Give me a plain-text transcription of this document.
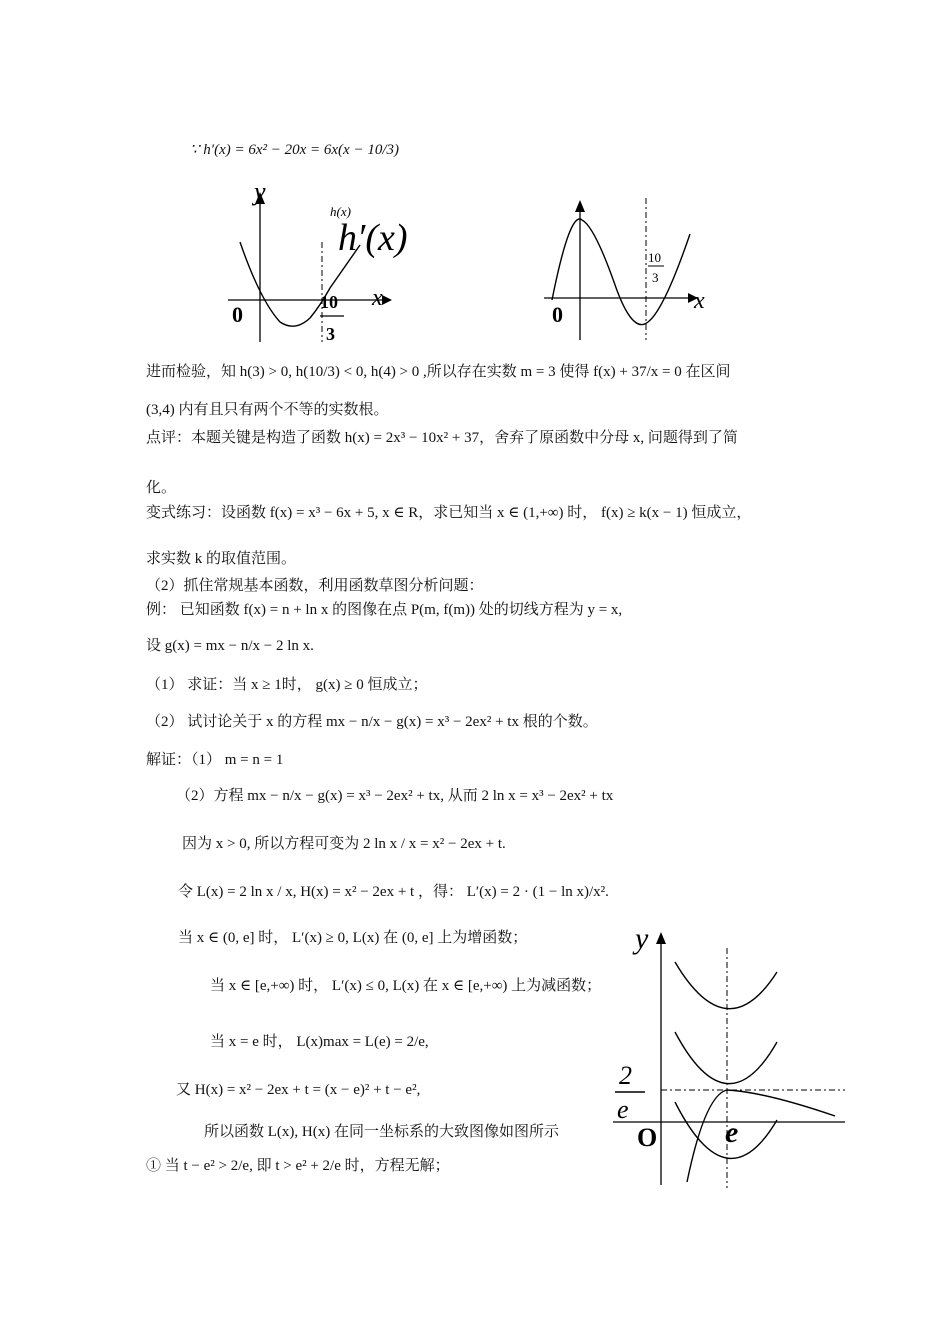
∵ h′(x) = 6x² − 20x = 6x(x − 10/3)
进而检验，知 h(3) > 0, h(10/3) < 0, h(4) > 0 ,所以存在实数 m = 3 使得 f(x) + 37/x = 0 在区间
(3,4) 内有且只有两个不等的实数根。
点评：本题关键是构造了函数 h(x) = 2x³ − 10x² + 37，舍弃了原函数中分母 x, 问题得到了简
化。
变式练习：设函数 f(x) = x³ − 6x + 5, x ∈ R，求已知当 x ∈ (1,+∞) 时， f(x) ≥ k(x − 1) 恒成立，
求实数 k 的取值范围。
（2）抓住常规基本函数，利用函数草图分析问题：
例： 已知函数 f(x) = n + ln x 的图像在点 P(m, f(m)) 处的切线方程为 y = x,
设 g(x) = mx − n/x − 2 ln x.
（1） 求证：当 x ≥ 1时， g(x) ≥ 0 恒成立；
（2） 试讨论关于 x 的方程 mx − n/x − g(x) = x³ − 2ex² + tx 根的个数。
解证：（1） m = n = 1
（2）方程 mx − n/x − g(x) = x³ − 2ex² + tx, 从而 2 ln x = x³ − 2ex² + tx
因为 x > 0, 所以方程可变为 2 ln x / x = x² − 2ex + t.
令 L(x) = 2 ln x / x, H(x) = x² − 2ex + t ，得： L′(x) = 2 · (1 − ln x)/x².
当 x ∈ (0, e] 时， L′(x) ≥ 0, L(x) 在 (0, e] 上为增函数；
当 x ∈ [e,+∞) 时， L′(x) ≤ 0, L(x) 在 x ∈ [e,+∞) 上为减函数；
当 x = e 时， L(x)max = L(e) = 2/e,
又 H(x) = x² − 2ex + t = (x − e)² + t − e²,
所以函数 L(x), H(x) 在同一坐标系的大致图像如图所示
① 当 t − e² > 2/e, 即 t > e² + 2/e 时，方程无解；
y
x
0	10
3
h(x)
h′(x)
x
0
10
3
y
2
e
O e
